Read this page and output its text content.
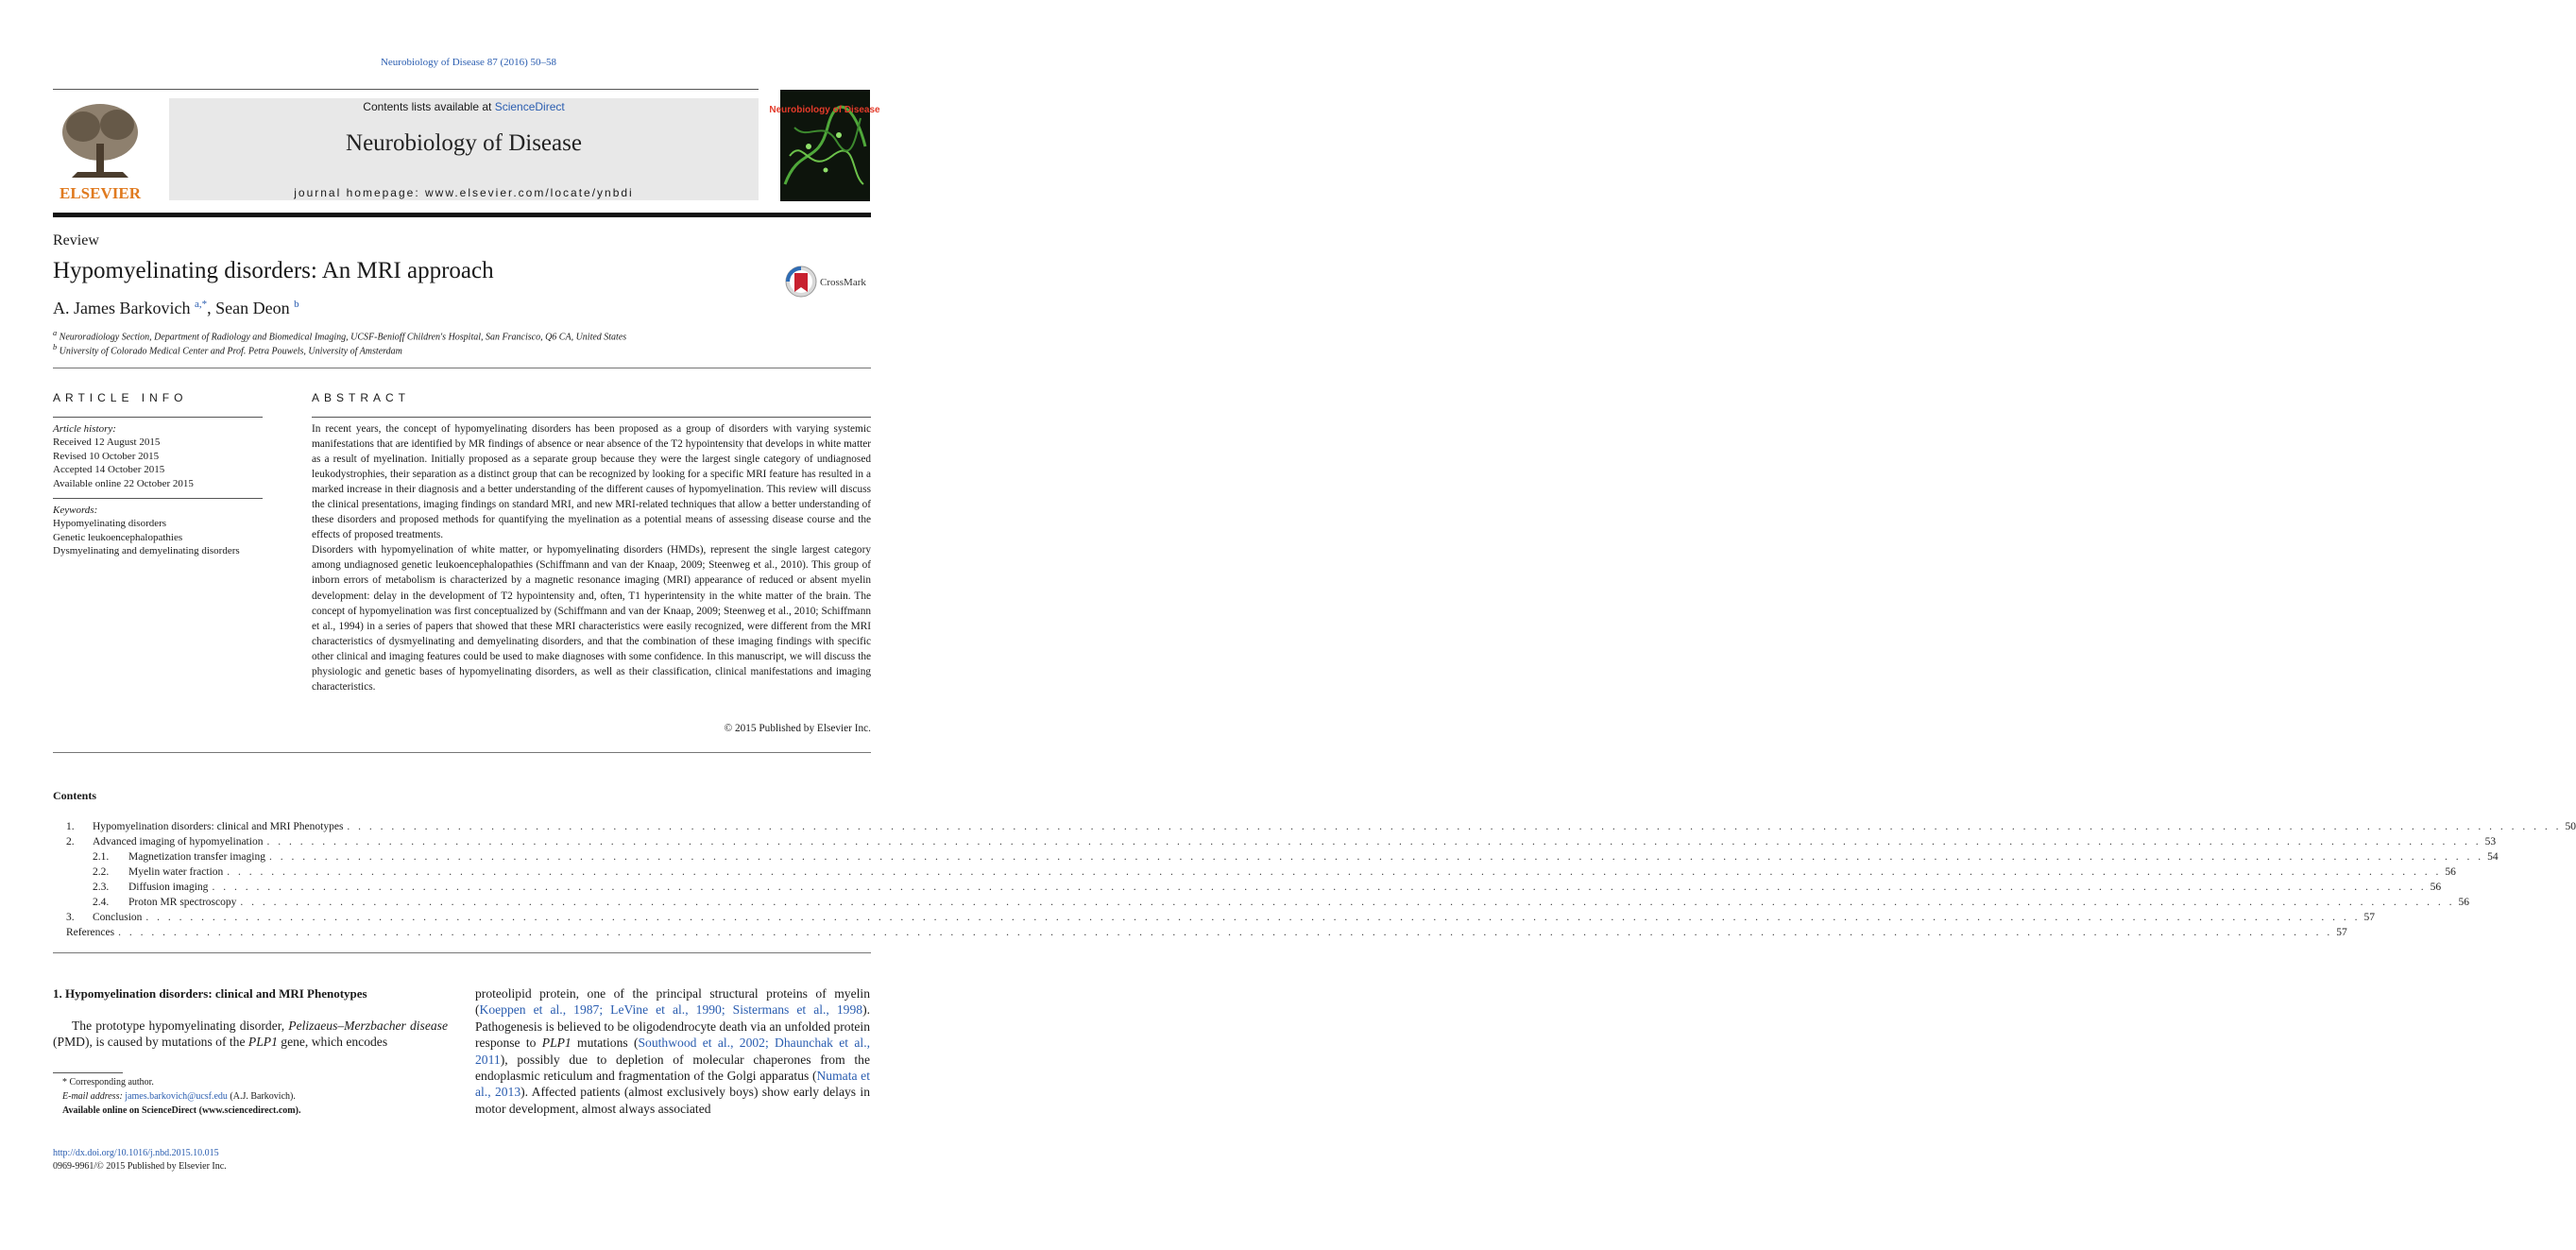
Neurobiology of Disease 87 (2016) 50–58
ELSEVIER
Contents lists available at ScienceDirect
Neurobiology of Disease
journal homepage: www.elsevier.com/locate/ynbdi
Neurobiology of Disease
Review
Hypomyelinating disorders: An MRI approach	CrossMark
A. James Barkovich $^{a,*}$, Sean Deon $^b$
$^a$ Neuroradiology Section, Department of Radiology and Biomedical Imaging, UCSF-Benioff Children's Hospital, San Francisco, Q6 CA, United States
$^b$ University of Colorado Medical Center and Prof. Petra Pouwels, University of Amsterdam
ARTICLE INFO
Article history:
Received 12 August 2015
Revised 10 October 2015
Accepted 14 October 2015
Available online 22 October 2015
Keywords:
Hypomyelinating disorders
Genetic leukoencephalopathies
Dysmyelinating and demyelinating disorders
ABSTRACT

In recent years, the concept of hypomyelinating disorders has been proposed as a group of disorders with varying systemic manifestations that are identified by MR findings of absence or near absence of the T2 hypointensity that develops in white matter as a result of myelination. Initially proposed as a separate group because they were the largest single category of undiagnosed leukodystrophies, their separation as a distinct group that can be recognized by looking for a specific MRI feature has resulted in a marked increase in their diagnosis and a better understanding of the different causes of hypomyelination. This review will discuss the clinical presentations, imaging findings on standard MRI, and new MRI-related techniques that allow a better understanding of these disorders and proposed methods for quantifying the myelination as a potential means of assessing disease course and the effects of proposed treatments.

Disorders with hypomyelination of white matter, or hypomyelinating disorders (HMDs), represent the single largest category among undiagnosed genetic leukoencephalopathies (Schiffmann and van der Knaap, 2009; Steenweg et al., 2010). This group of inborn errors of metabolism is characterized by a magnetic resonance imaging (MRI) appearance of reduced or absent myelin development: delay in the development of T2 hypointensity and, often, T1 hyperintensity in the white matter of the brain. The concept of hypomyelination was first conceptualized by (Schiffmann and van der Knaap, 2009; Steenweg et al., 2010; Schiffmann et al., 1994) in a series of papers that showed that these MRI characteristics were easily recognized, were different from the MRI characteristics of dysmyelinating and demyelinating disorders, and that the combination of these imaging findings with specific other clinical and imaging features could be used to make diagnoses with some confidence. In this manuscript, we will discuss the physiologic and genetic bases of hypomyelinating disorders, as well as their classification, clinical manifestations and imaging characteristics.

© 2015 Published by Elsevier Inc.
Contents
1.	Hypomyelination disorders: clinical and MRI Phenotypes . . . . . . . . . . . . . . . . . . . . . . . . . . . . . . . . . . . . . . . . . . . . . . . . . . . . . . . . . . . . . . . . . . . . . . . . . . . . . . . . . . . . . . . . . . . . . . . . . . . . . . . . . . . . . . . . . . . . . . . . . . . . . . . . . . . . . . . . . . . . . . . . . . . . . . . . . . . . . . . . . . . . . . . . . . . . . . . . . . . . . . . . . . . . . . . . . . . . . . . . 50
2.	Advanced imaging of hypomyelination . . . . . . . . . . . . . . . . . . . . . . . . . . . . . . . . . . . . . . . . . . . . . . . . . . . . . . . . . . . . . . . . . . . . . . . . . . . . . . . . . . . . . . . . . . . . . . . . . . . . . . . . . . . . . . . . . . . . . . . . . . . . . . . . . . . . . . . . . . . . . . . . . . . . . . . . . . . . . . . . . . . . . . . . . . . . . . . . . . . . . . . . . . . . . . . . . . . . . . . . 53
2.1.	Magnetization transfer imaging . . . . . . . . . . . . . . . . . . . . . . . . . . . . . . . . . . . . . . . . . . . . . . . . . . . . . . . . . . . . . . . . . . . . . . . . . . . . . . . . . . . . . . . . . . . . . . . . . . . . . . . . . . . . . . . . . . . . . . . . . . . . . . . . . . . . . . . . . . . . . . . . . . . . . . . . . . . . . . . . . . . . . . . . . . . . . . . . . . . . . . . . . . . . . . . . . . . . . . . . 54
2.2.	Myelin water fraction . . . . . . . . . . . . . . . . . . . . . . . . . . . . . . . . . . . . . . . . . . . . . . . . . . . . . . . . . . . . . . . . . . . . . . . . . . . . . . . . . . . . . . . . . . . . . . . . . . . . . . . . . . . . . . . . . . . . . . . . . . . . . . . . . . . . . . . . . . . . . . . . . . . . . . . . . . . . . . . . . . . . . . . . . . . . . . . . . . . . . . . . . . . . . . . . . . . . . . . . 56
2.3.	Diffusion imaging . . . . . . . . . . . . . . . . . . . . . . . . . . . . . . . . . . . . . . . . . . . . . . . . . . . . . . . . . . . . . . . . . . . . . . . . . . . . . . . . . . . . . . . . . . . . . . . . . . . . . . . . . . . . . . . . . . . . . . . . . . . . . . . . . . . . . . . . . . . . . . . . . . . . . . . . . . . . . . . . . . . . . . . . . . . . . . . . . . . . . . . . . . . . . . . . . . . . . . . . 56
2.4.	Proton MR spectroscopy . . . . . . . . . . . . . . . . . . . . . . . . . . . . . . . . . . . . . . . . . . . . . . . . . . . . . . . . . . . . . . . . . . . . . . . . . . . . . . . . . . . . . . . . . . . . . . . . . . . . . . . . . . . . . . . . . . . . . . . . . . . . . . . . . . . . . . . . . . . . . . . . . . . . . . . . . . . . . . . . . . . . . . . . . . . . . . . . . . . . . . . . . . . . . . . . . . . . . . . . 56
3.	Conclusion . . . . . . . . . . . . . . . . . . . . . . . . . . . . . . . . . . . . . . . . . . . . . . . . . . . . . . . . . . . . . . . . . . . . . . . . . . . . . . . . . . . . . . . . . . . . . . . . . . . . . . . . . . . . . . . . . . . . . . . . . . . . . . . . . . . . . . . . . . . . . . . . . . . . . . . . . . . . . . . . . . . . . . . . . . . . . . . . . . . . . . . . . . . . . . . . . . . . . . . . 57
References . . . . . . . . . . . . . . . . . . . . . . . . . . . . . . . . . . . . . . . . . . . . . . . . . . . . . . . . . . . . . . . . . . . . . . . . . . . . . . . . . . . . . . . . . . . . . . . . . . . . . . . . . . . . . . . . . . . . . . . . . . . . . . . . . . . . . . . . . . . . . . . . . . . . . . . . . . . . . . . . . . . . . . . . . . . . . . . . . . . . . . . . . . . . . . . . . . . . . . . . 57
1. Hypomyelination disorders: clinical and MRI Phenotypes
The prototype hypomyelinating disorder, Pelizaeus–Merzbacher disease (PMD), is caused by mutations of the PLP1 gene, which encodes
proteolipid protein, one of the principal structural proteins of myelin (Koeppen et al., 1987; LeVine et al., 1990; Sistermans et al., 1998). Pathogenesis is believed to be oligodendrocyte death via an unfolded protein response to PLP1 mutations (Southwood et al., 2002; Dhaunchak et al., 2011), possibly due to depletion of molecular chaperones from the endoplasmic reticulum and fragmentation of the Golgi apparatus (Numata et al., 2013). Affected patients (almost exclusively boys) show early delays in motor development, almost always associated
* Corresponding author.
E-mail address: james.barkovich@ucsf.edu (A.J. Barkovich).
Available online on ScienceDirect (www.sciencedirect.com).
http://dx.doi.org/10.1016/j.nbd.2015.10.015
0969-9961/© 2015 Published by Elsevier Inc.
